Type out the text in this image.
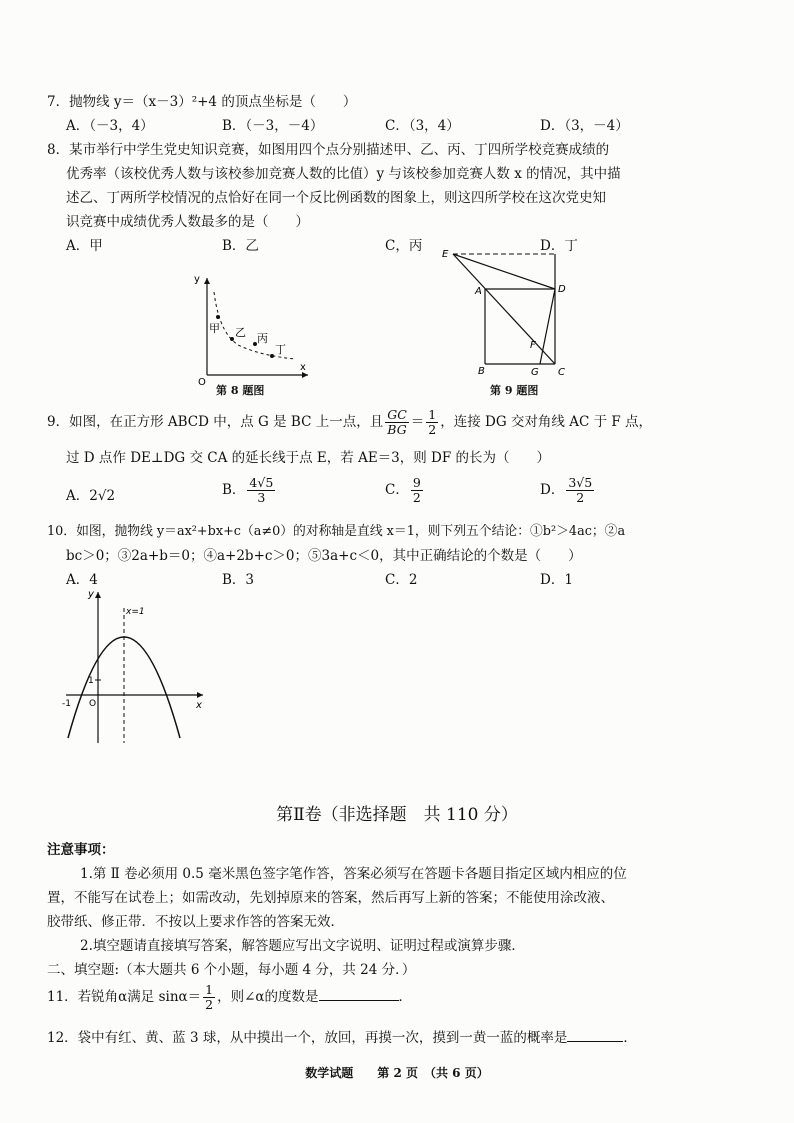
7．抛物线 y＝（x－3）²+4 的顶点坐标是（　　）
A．（－3，4）	B．（－3，－4）	C．（3，4）	D．（3，－4）
8．某市举行中学生党史知识竞赛，如图用四个点分别描述甲、乙、丙、丁四所学校竞赛成绩的
优秀率（该校优秀人数与该校参加竞赛人数的比值）y 与该校参加竞赛人数 x 的情况，其中描
述乙、丁两所学校情况的点恰好在同一个反比例函数的图象上，则这四所学校在这次党史知
识竞赛中成绩优秀人数最多的是（　　）
A．甲	B．乙	C，丙	D．丁
y
x
O
甲 乙 丙
丁
第 8 题图
E
A	D
F
B	G C
第 9 题图
9．如图，在正方形 ABCD 中，点 G 是 BC 上一点，且 $\frac{GC}{BG} = \frac{1}{2}$ ，连接 DG 交对角线 AC 于 F 点，
过 D 点作 DE⊥DG 交 CA 的延长线于点 E，若 AE＝3，则 DF 的长为（　　）
A．2√2	B． $\frac{4√5}{3}$	C． $\frac{9}{2}$	D． $\frac{3√5}{2}$
10．如图，抛物线 y＝ax²+bx+c（a≠0）的对称轴是直线 x＝1，则下列五个结论：①b²＞4ac；②a
bc＞0；③2a+b＝0；④a+2b+c＞0；⑤3a+c＜0，其中正确结论的个数是（　　）
A．4	B．3	C．2	D．1
x=1
y
x
O
-1
1
第Ⅱ卷（非选择题　共 110 分）
注意事项：
1.第 Ⅱ 卷必须用 0.5 毫米黑色签字笔作答，答案必须写在答题卡各题目指定区域内相应的位
置，不能写在试卷上；如需改动，先划掉原来的答案，然后再写上新的答案；不能使用涂改液、
胶带纸、修正带．不按以上要求作答的答案无效．
2.填空题请直接填写答案，解答题应写出文字说明、证明过程或演算步骤．
二、填空题:（本大题共 6 个小题，每小题 4 分，共 24 分．）
11．若锐角α满足 $\sin\alpha= \frac{1}{2}$ ，则∠α的度数是	．
12．袋中有红、黄、蓝 3 球，从中摸出一个，放回，再摸一次，摸到一黄一蓝的概率是	．
数学试题　　第 2 页　（共 6 页）
